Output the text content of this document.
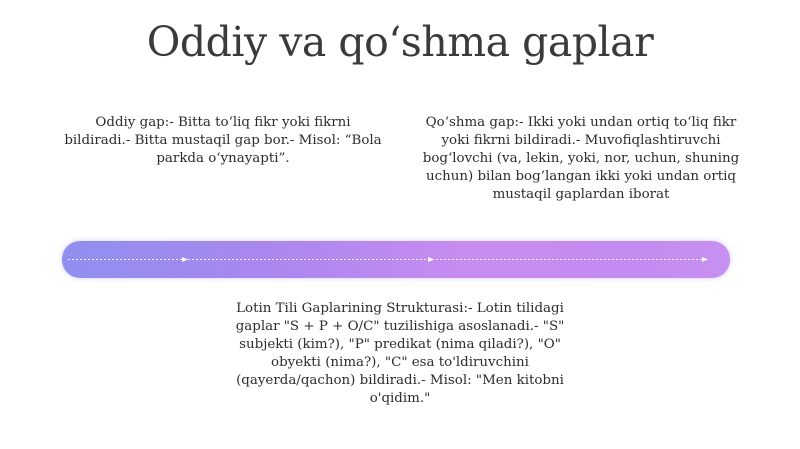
Oddiy va qo‘shma gaplar

Oddiy gap:- Bitta to‘liq fikr yoki fikrni bildiradi.- Bitta mustaqil gap bor.- Misol: “Bola parkda o‘ynayapti”.

Qo‘shma gap:- Ikki yoki undan ortiq to‘liq fikr yoki fikrni bildiradi.- Muvofiqlashtiruvchi bog‘lovchi (va, lekin, yoki, nor, uchun, shuning uchun) bilan bog‘langan ikki yoki undan ortiq mustaqil gaplardan iborat

Lotin Tili Gaplarining Strukturasi:- Lotin tilidagi gaplar "S + P + O/C" tuzilishiga asoslanadi.- "S" subjekti (kim?), "P" predikat (nima qiladi?), "O" obyekti (nima?), "C" esa to'ldiruvchini (qayerda/qachon) bildiradi.- Misol: "Men kitobni o'qidim."
